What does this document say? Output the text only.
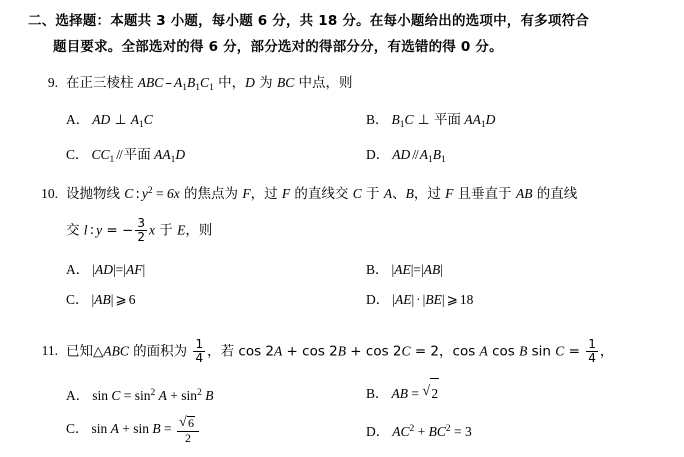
二、选择题：本题共 3 小题，每小题 6 分，共 18 分。在每小题给出的选项中，有多项符合
题目要求。全部选对的得 6 分，部分选对的得部分分，有选错的得 0 分。
9. 在正三棱柱 ABC – $A_1B_1C_1$ 中，D 为 BC 中点，则
A． AD ⊥ $A_1C$	B． $B_1C$ ⊥ 平面 $AA_1D$
C． $CC_1$ // 平面 $AA_1D$	D． AD // $A_1B_1$
10. 设抛物线 C : $y^2 = 6x$ 的焦点为 F，过 F 的直线交 C 于 A、B，过 F 且垂直于 AB 的直线
交 l : y = − $\frac{3}{2}$ x 于 E，则
A． |AD|=|AF|	B． |AE|=|AB|
C． |AB| ⩾ 6	D． |AE| · |BE| ⩾ 18
11. 已知△ABC 的面积为 $\frac{1}{4}$ ，若 cos 2A + cos 2B + cos 2C = 2，cos A cos B $\sin C = \frac{1}{4}$ ，
A． $\sin C = \sin^2 A + \sin^2 B$	B． AB = √ 2
C． sin A + sin B = √ $\frac{6}{2}$	D． $AC^2 + BC^2 = 3$
